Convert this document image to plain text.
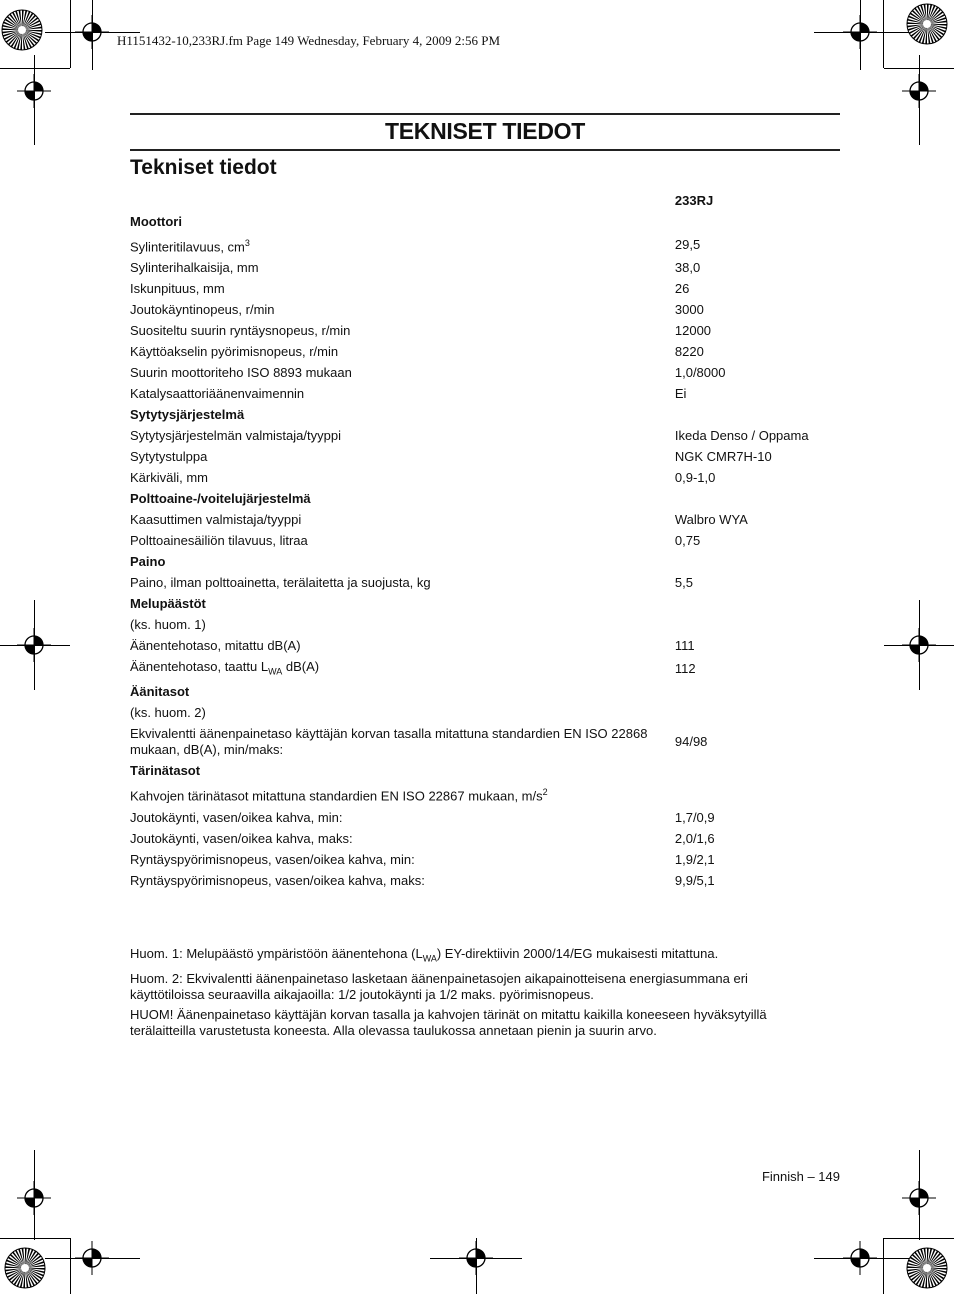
H1151432-10,233RJ.fm Page 149 Wednesday, February 4, 2009 2:56 PM
TEKNISET TIEDOT
Tekniset tiedot
	233RJ
Moottori	
Sylinteritilavuus, $cm^3$	29,5
Sylinterihalkaisija, mm	38,0
Iskunpituus, mm	26
Joutokäyntinopeus, r/min	3000
Suositeltu suurin ryntäysnopeus, r/min	12000
Käyttöakselin pyörimisnopeus, r/min	8220
Suurin moottoriteho ISO 8893 mukaan	1,0/8000
Katalysaattoriäänenvaimennin	Ei
Sytytysjärjestelmä	
Sytytysjärjestelmän valmistaja/tyyppi	Ikeda Denso / Oppama
Sytytystulppa	NGK CMR7H-10
Kärkiväli, mm	0,9-1,0
Polttoaine-/voitelujärjestelmä	
Kaasuttimen valmistaja/tyyppi	Walbro WYA
Polttoainesäiliön tilavuus, litraa	0,75
Paino	
Paino, ilman polttoainetta, terälaitetta ja suojusta, kg	5,5
Melupäästöt	
(ks. huom. 1)	
Äänentehotaso, mitattu dB(A)	111
Äänentehotaso, taattu $L_{WA}$ dB(A)	112
Äänitasot	
(ks. huom. 2)	
Ekvivalentti äänenpainetaso käyttäjän korvan tasalla mitattuna standardien EN ISO 22868 mukaan, dB(A), min/maks:	94/98
Tärinätasot	
Kahvojen tärinätasot mitattuna standardien EN ISO 22867 mukaan, $m/s^2$	
Joutokäynti, vasen/oikea kahva, min:	1,7/0,9
Joutokäynti, vasen/oikea kahva, maks:	2,0/1,6
Ryntäyspyörimisnopeus, vasen/oikea kahva, min:	1,9/2,1
Ryntäyspyörimisnopeus, vasen/oikea kahva, maks:	9,9/5,1

Huom. 1: Melupäästö ympäristöön äänentehona $(L_{WA})$ EY-direktiivin 2000/14/EG mukaisesti mitattuna.

Huom. 2: Ekvivalentti äänenpainetaso lasketaan äänenpainetasojen aikapainotteisena energiasummana eri käyttötiloissa seuraavilla aikajaoilla: 1/2 joutokäynti ja 1/2 maks. pyörimisnopeus.

HUOM! Äänenpainetaso käyttäjän korvan tasalla ja kahvojen tärinät on mitattu kaikilla koneeseen hyväksytyillä terälaitteilla varustetusta koneesta. Alla olevassa taulukossa annetaan pienin ja suurin arvo.

Finnish – 149
